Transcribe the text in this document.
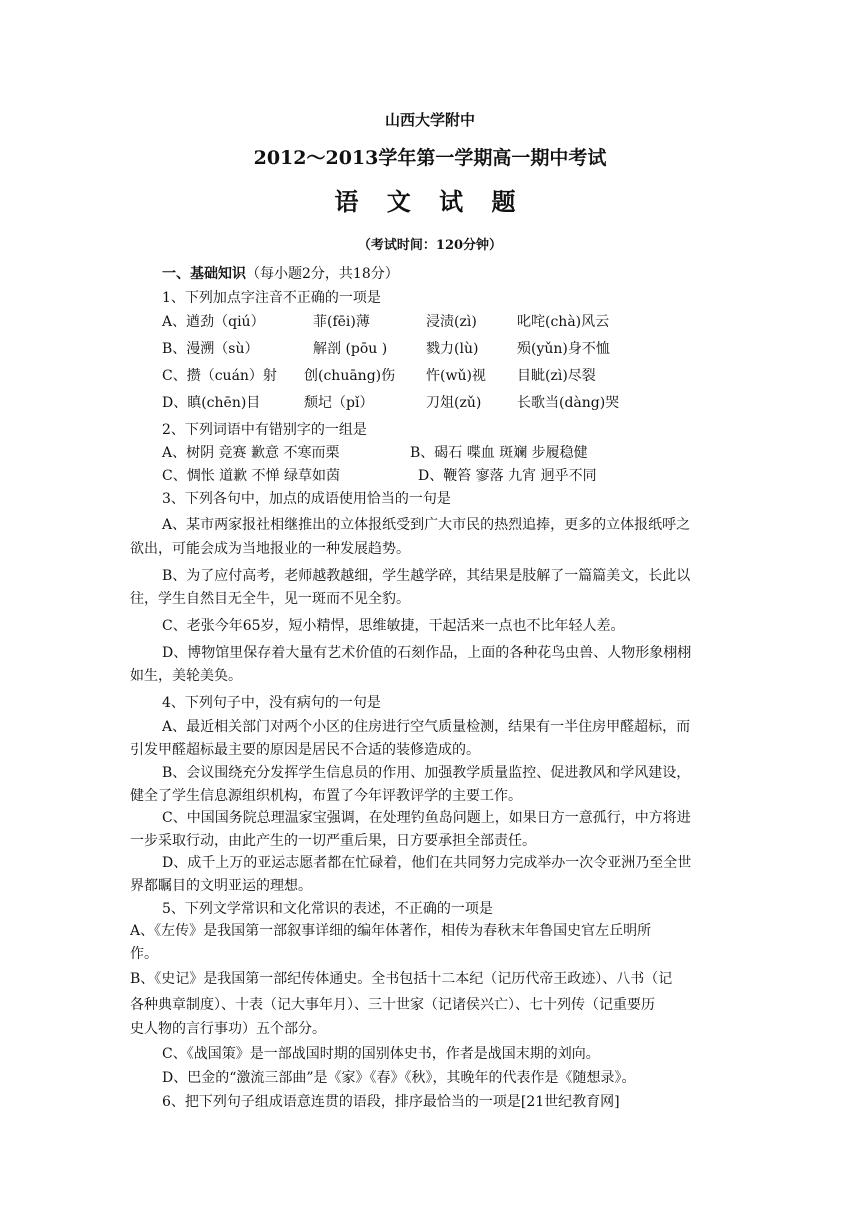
山西大学附中
2012～2013学年第一学期高一期中考试
语 文 试 题
（考试时间：120分钟）
一、基础知识（每小题2分，共18分）
1、下列加点字注音不正确的一项是
A、遒劲（qiú）	菲(fēi)薄	浸渍(zì)	叱咤(chà)风云
B、漫溯（sù）	解剖 (pōu )	戮力(lù)	殒(yǔn)身不恤
C、攒（cuán）射 创(chuāng)伤 忤(wǔ)视 目眦(zì)尽裂
D、瞋(chēn)目	颓圮（pǐ）	刀俎(zǔ)	长歌当(dàng)哭
2、下列词语中有错别字的一组是
A、树阴 竞赛 歉意 不寒而栗	B、碣石 喋血 斑斓 步履稳健
C、惆怅 道歉 不惮 绿草如茵	D、鞭笞 寥落 九宵 迥乎不同
3、下列各句中，加点的成语使用恰当的一句是
A、某市两家报社相继推出的立体报纸受到广大市民的热烈追捧，更多的立体报纸呼之
欲出，可能会成为当地报业的一种发展趋势。
B、为了应付高考，老师越教越细，学生越学碎，其结果是肢解了一篇篇美文，长此以
往，学生自然目无全牛，见一斑而不见全豹。
C、老张今年65岁，短小精悍，思维敏捷，干起活来一点也不比年轻人差。
D、博物馆里保存着大量有艺术价值的石刻作品，上面的各种花鸟虫兽、人物形象栩栩
如生，美轮美奂。
4、下列句子中，没有病句的一句是
A、最近相关部门对两个小区的住房进行空气质量检测，结果有一半住房甲醛超标，而
引发甲醛超标最主要的原因是居民不合适的装修造成的。
B、会议围绕充分发挥学生信息员的作用、加强教学质量监控、促进教风和学风建设，
健全了学生信息源组织机构，布置了今年评教评学的主要工作。
C、中国国务院总理温家宝强调，在处理钓鱼岛问题上，如果日方一意孤行，中方将进
一步采取行动，由此产生的一切严重后果，日方要承担全部责任。
D、成千上万的亚运志愿者都在忙碌着，他们在共同努力完成举办一次令亚洲乃至全世
界都瞩目的文明亚运的理想。
5、下列文学常识和文化常识的表述，不正确的一项是
A、《左传》是我国第一部叙事详细的编年体著作，相传为春秋末年鲁国史官左丘明所
作。
B、《史记》是我国第一部纪传体通史。全书包括十二本纪（记历代帝王政迹）、八书（记
各种典章制度）、十表（记大事年月）、三十世家（记诸侯兴亡）、七十列传（记重要历
史人物的言行事功）五个部分。
C、《战国策》是一部战国时期的国别体史书，作者是战国末期的刘向。
D、巴金的“激流三部曲”是《家》《春》《秋》，其晚年的代表作是《随想录》。
6、把下列句子组成语意连贯的语段，排序最恰当的一项是[21世纪教育网]
